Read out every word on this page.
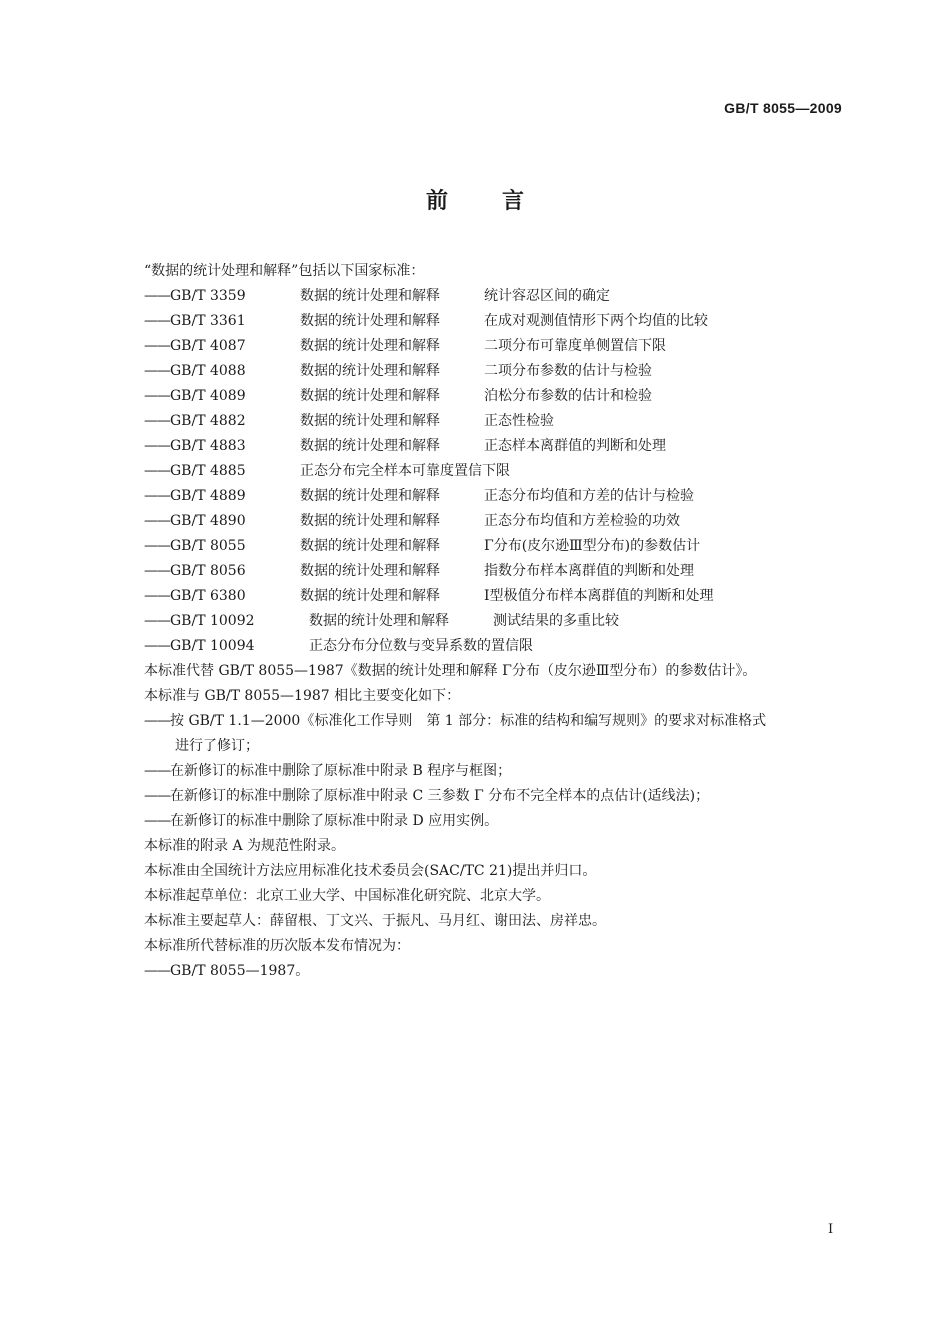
GB/T 8055—2009
前 言
“数据的统计处理和解释”包括以下国家标准：
——GB/T 3359	数据的统计处理和解释	统计容忍区间的确定
——GB/T 3361	数据的统计处理和解释	在成对观测值情形下两个均值的比较
——GB/T 4087	数据的统计处理和解释	二项分布可靠度单侧置信下限
——GB/T 4088	数据的统计处理和解释	二项分布参数的估计与检验
——GB/T 4089	数据的统计处理和解释	泊松分布参数的估计和检验
——GB/T 4882	数据的统计处理和解释	正态性检验
——GB/T 4883	数据的统计处理和解释	正态样本离群值的判断和处理
——GB/T 4885	正态分布完全样本可靠度置信下限
——GB/T 4889	数据的统计处理和解释	正态分布均值和方差的估计与检验
——GB/T 4890	数据的统计处理和解释	正态分布均值和方差检验的功效
——GB/T 8055	数据的统计处理和解释	Γ分布(皮尔逊Ⅲ型分布)的参数估计
——GB/T 8056	数据的统计处理和解释	指数分布样本离群值的判断和处理
——GB/T 6380	数据的统计处理和解释	Ⅰ型极值分布样本离群值的判断和处理
——GB/T 10092	数据的统计处理和解释	测试结果的多重比较
——GB/T 10094	正态分布分位数与变异系数的置信限
本标准代替 GB/T 8055—1987《数据的统计处理和解释 Γ分布（皮尔逊Ⅲ型分布）的参数估计》。
本标准与 GB/T 8055—1987 相比主要变化如下：
——按 GB/T 1.1—2000《标准化工作导则　第 1 部分：标准的结构和编写规则》的要求对标准格式
进行了修订；
——在新修订的标准中删除了原标准中附录 B 程序与框图；
——在新修订的标准中删除了原标准中附录 C 三参数 Γ 分布不完全样本的点估计(适线法)；
——在新修订的标准中删除了原标准中附录 D 应用实例。
本标准的附录 A 为规范性附录。
本标准由全国统计方法应用标准化技术委员会(SAC/TC 21)提出并归口。
本标准起草单位：北京工业大学、中国标准化研究院、北京大学。
本标准主要起草人：薛留根、丁文兴、于振凡、马月红、谢田法、房祥忠。
本标准所代替标准的历次版本发布情况为：
——GB/T 8055—1987。
Ⅰ
